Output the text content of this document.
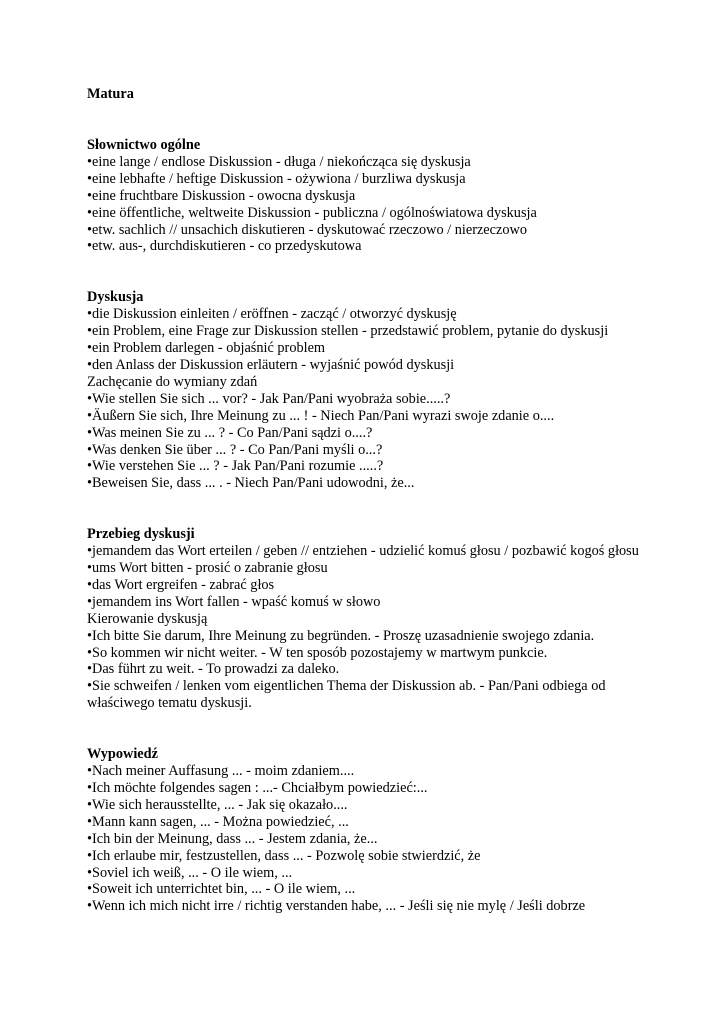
Matura
Słownictwo ogólne
•eine lange / endlose Diskussion - długa / niekończąca się dyskusja
•eine lebhafte / heftige Diskussion - ożywiona / burzliwa dyskusja
•eine fruchtbare Diskussion - owocna dyskusja
•eine öffentliche, weltweite Diskussion - publiczna / ogólnoświatowa dyskusja
•etw. sachlich // unsachich diskutieren - dyskutować rzeczowo / nierzeczowo
•etw. aus-, durchdiskutieren - co przedyskutowa
Dyskusja
•die Diskussion einleiten / eröffnen - zacząć / otworzyć dyskusję
•ein Problem, eine Frage zur Diskussion stellen - przedstawić problem, pytanie do dyskusji
•ein Problem darlegen - objaśnić problem
•den Anlass der Diskussion erläutern - wyjaśnić powód dyskusji
Zachęcanie do wymiany zdań
•Wie stellen Sie sich ... vor? - Jak Pan/Pani wyobraża sobie.....?
•Äußern Sie sich, Ihre Meinung zu ... ! - Niech Pan/Pani wyrazi swoje zdanie o....
•Was meinen Sie zu ... ? - Co Pan/Pani sądzi o....?
•Was denken Sie über ... ? - Co Pan/Pani myśli o...?
•Wie verstehen Sie ... ? - Jak Pan/Pani rozumie .....?
•Beweisen Sie, dass ... . - Niech Pan/Pani udowodni, że...
Przebieg dyskusji
•jemandem das Wort erteilen / geben // entziehen - udzielić komuś głosu / pozbawić kogoś głosu
•ums Wort bitten - prosić o zabranie głosu
•das Wort ergreifen - zabrać głos
•jemandem ins Wort fallen - wpaść komuś w słowo
Kierowanie dyskusją
•Ich bitte Sie darum, Ihre Meinung zu begründen. - Proszę uzasadnienie swojego zdania.
•So kommen wir nicht weiter. - W ten sposób pozostajemy w martwym punkcie.
•Das führt zu weit. - To prowadzi za daleko.
•Sie schweifen / lenken vom eigentlichen Thema der Diskussion ab. - Pan/Pani odbiega od właściwego tematu dyskusji.
Wypowiedź
•Nach meiner Auffasung ... - moim zdaniem....
•Ich möchte folgendes sagen : ...- Chciałbym powiedzieć:...
•Wie sich herausstellte, ... - Jak się okazało....
•Mann kann sagen, ... - Można powiedzieć, ...
•Ich bin der Meinung, dass ... - Jestem zdania, że...
•Ich erlaube mir, festzustellen, dass ... - Pozwolę sobie stwierdzić, że
•Soviel ich weiß, ... - O ile wiem, ...
•Soweit ich unterrichtet bin, ... - O ile wiem, ...
•Wenn ich mich nicht irre / richtig verstanden habe, ... - Jeśli się nie mylę / Jeśli dobrze
